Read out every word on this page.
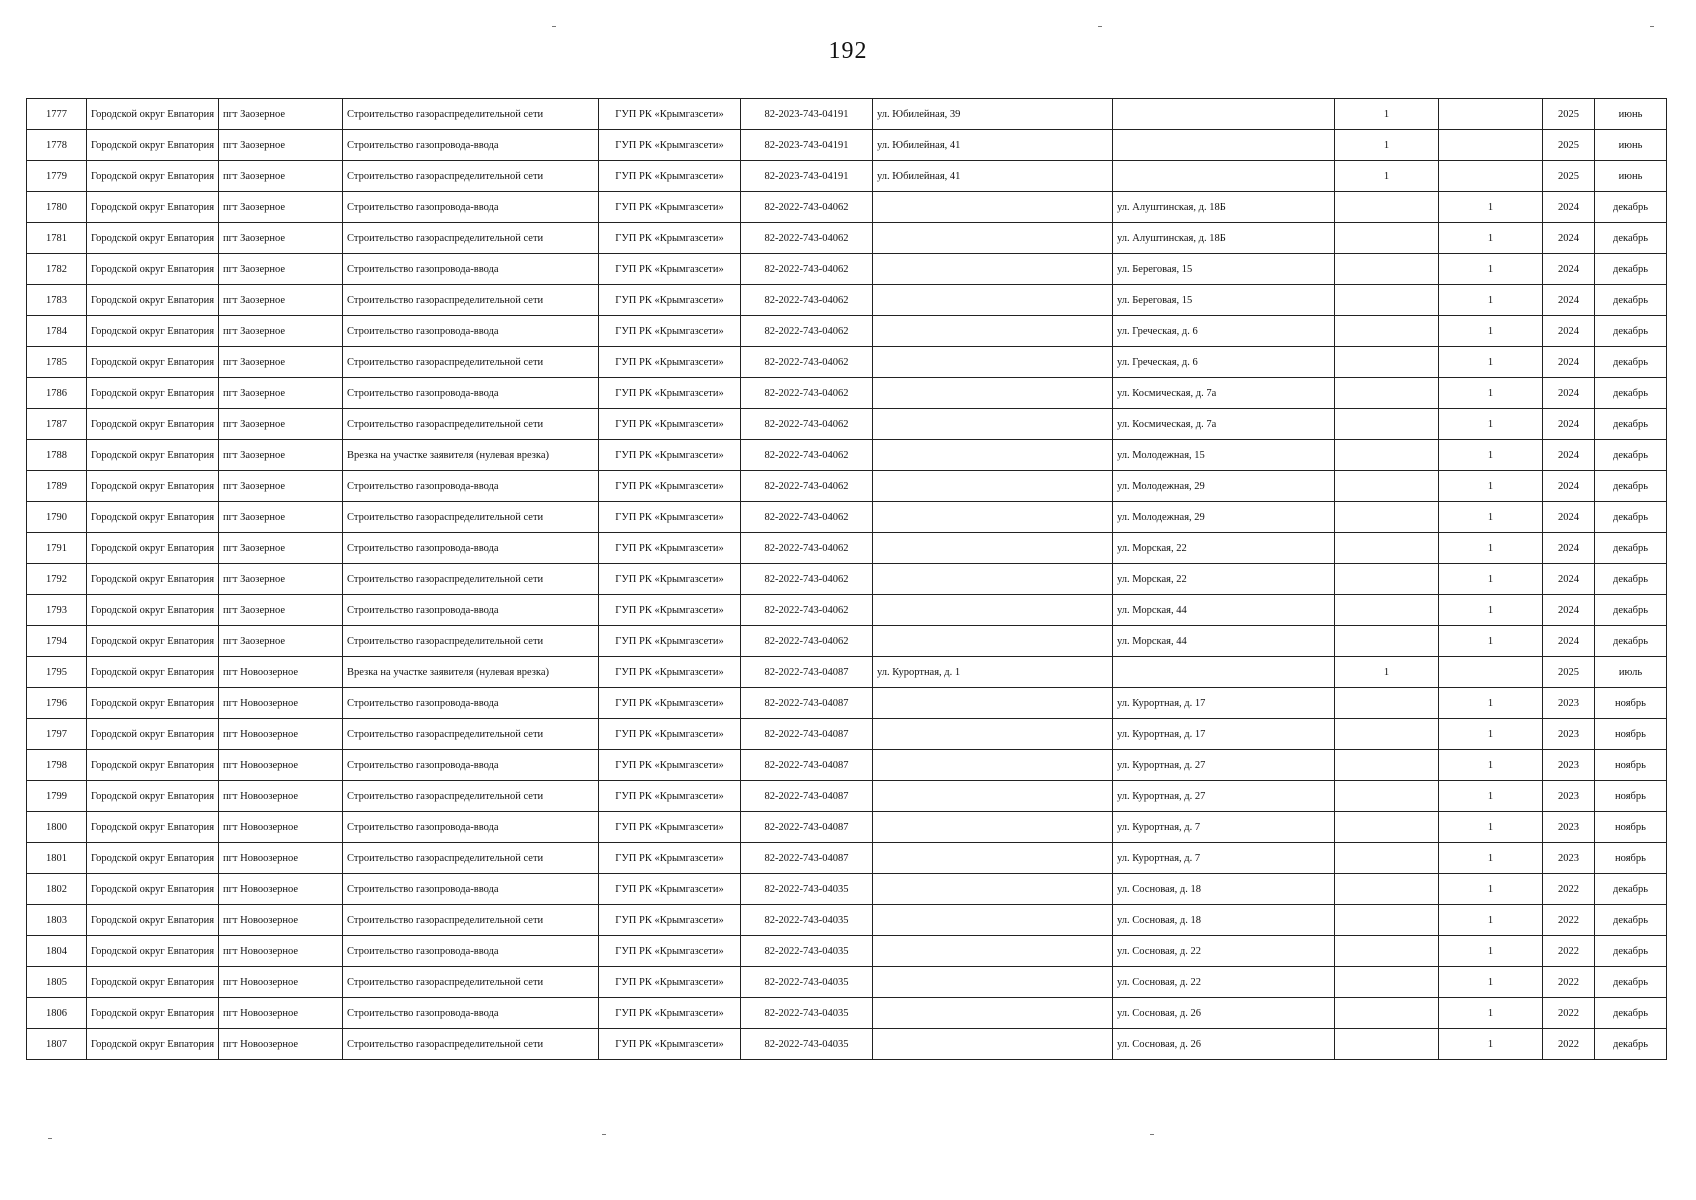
192
1777	Городской округ Евпатория	пгт Заозерное	Строительство газораспределительной сети	ГУП РК «Крымгазсети»	82-2023-743-04191	ул. Юбилейная, 39		1		2025	июнь
1778	Городской округ Евпатория	пгт Заозерное	Строительство газопровода-ввода	ГУП РК «Крымгазсети»	82-2023-743-04191	ул. Юбилейная, 41		1		2025	июнь
1779	Городской округ Евпатория	пгт Заозерное	Строительство газораспределительной сети	ГУП РК «Крымгазсети»	82-2023-743-04191	ул. Юбилейная, 41		1		2025	июнь
1780	Городской округ Евпатория	пгт Заозерное	Строительство газопровода-ввода	ГУП РК «Крымгазсети»	82-2022-743-04062		ул. Алуштинская, д. 18Б		1	2024	декабрь
1781	Городской округ Евпатория	пгт Заозерное	Строительство газораспределительной сети	ГУП РК «Крымгазсети»	82-2022-743-04062		ул. Алуштинская, д. 18Б		1	2024	декабрь
1782	Городской округ Евпатория	пгт Заозерное	Строительство газопровода-ввода	ГУП РК «Крымгазсети»	82-2022-743-04062		ул. Береговая, 15		1	2024	декабрь
1783	Городской округ Евпатория	пгт Заозерное	Строительство газораспределительной сети	ГУП РК «Крымгазсети»	82-2022-743-04062		ул. Береговая, 15		1	2024	декабрь
1784	Городской округ Евпатория	пгт Заозерное	Строительство газопровода-ввода	ГУП РК «Крымгазсети»	82-2022-743-04062		ул. Греческая, д. 6		1	2024	декабрь
1785	Городской округ Евпатория	пгт Заозерное	Строительство газораспределительной сети	ГУП РК «Крымгазсети»	82-2022-743-04062		ул. Греческая, д. 6		1	2024	декабрь
1786	Городской округ Евпатория	пгт Заозерное	Строительство газопровода-ввода	ГУП РК «Крымгазсети»	82-2022-743-04062		ул. Космическая, д. 7а		1	2024	декабрь
1787	Городской округ Евпатория	пгт Заозерное	Строительство газораспределительной сети	ГУП РК «Крымгазсети»	82-2022-743-04062		ул. Космическая, д. 7а		1	2024	декабрь
1788	Городской округ Евпатория	пгт Заозерное	Врезка на участке заявителя (нулевая врезка)	ГУП РК «Крымгазсети»	82-2022-743-04062		ул. Молодежная, 15		1	2024	декабрь
1789	Городской округ Евпатория	пгт Заозерное	Строительство газопровода-ввода	ГУП РК «Крымгазсети»	82-2022-743-04062		ул. Молодежная, 29		1	2024	декабрь
1790	Городской округ Евпатория	пгт Заозерное	Строительство газораспределительной сети	ГУП РК «Крымгазсети»	82-2022-743-04062		ул. Молодежная, 29		1	2024	декабрь
1791	Городской округ Евпатория	пгт Заозерное	Строительство газопровода-ввода	ГУП РК «Крымгазсети»	82-2022-743-04062		ул. Морская, 22		1	2024	декабрь
1792	Городской округ Евпатория	пгт Заозерное	Строительство газораспределительной сети	ГУП РК «Крымгазсети»	82-2022-743-04062		ул. Морская, 22		1	2024	декабрь
1793	Городской округ Евпатория	пгт Заозерное	Строительство газопровода-ввода	ГУП РК «Крымгазсети»	82-2022-743-04062		ул. Морская, 44		1	2024	декабрь
1794	Городской округ Евпатория	пгт Заозерное	Строительство газораспределительной сети	ГУП РК «Крымгазсети»	82-2022-743-04062		ул. Морская, 44		1	2024	декабрь
1795	Городской округ Евпатория	пгт Новоозерное	Врезка на участке заявителя (нулевая врезка)	ГУП РК «Крымгазсети»	82-2022-743-04087	ул. Курортная, д. 1		1		2025	июль
1796	Городской округ Евпатория	пгт Новоозерное	Строительство газопровода-ввода	ГУП РК «Крымгазсети»	82-2022-743-04087		ул. Курортная, д. 17		1	2023	ноябрь
1797	Городской округ Евпатория	пгт Новоозерное	Строительство газораспределительной сети	ГУП РК «Крымгазсети»	82-2022-743-04087		ул. Курортная, д. 17		1	2023	ноябрь
1798	Городской округ Евпатория	пгт Новоозерное	Строительство газопровода-ввода	ГУП РК «Крымгазсети»	82-2022-743-04087		ул. Курортная, д. 27		1	2023	ноябрь
1799	Городской округ Евпатория	пгт Новоозерное	Строительство газораспределительной сети	ГУП РК «Крымгазсети»	82-2022-743-04087		ул. Курортная, д. 27		1	2023	ноябрь
1800	Городской округ Евпатория	пгт Новоозерное	Строительство газопровода-ввода	ГУП РК «Крымгазсети»	82-2022-743-04087		ул. Курортная, д. 7		1	2023	ноябрь
1801	Городской округ Евпатория	пгт Новоозерное	Строительство газораспределительной сети	ГУП РК «Крымгазсети»	82-2022-743-04087		ул. Курортная, д. 7		1	2023	ноябрь
1802	Городской округ Евпатория	пгт Новоозерное	Строительство газопровода-ввода	ГУП РК «Крымгазсети»	82-2022-743-04035		ул. Сосновая, д. 18		1	2022	декабрь
1803	Городской округ Евпатория	пгт Новоозерное	Строительство газораспределительной сети	ГУП РК «Крымгазсети»	82-2022-743-04035		ул. Сосновая, д. 18		1	2022	декабрь
1804	Городской округ Евпатория	пгт Новоозерное	Строительство газопровода-ввода	ГУП РК «Крымгазсети»	82-2022-743-04035		ул. Сосновая, д. 22		1	2022	декабрь
1805	Городской округ Евпатория	пгт Новоозерное	Строительство газораспределительной сети	ГУП РК «Крымгазсети»	82-2022-743-04035		ул. Сосновая, д. 22		1	2022	декабрь
1806	Городской округ Евпатория	пгт Новоозерное	Строительство газопровода-ввода	ГУП РК «Крымгазсети»	82-2022-743-04035		ул. Сосновая, д. 26		1	2022	декабрь
1807	Городской округ Евпатория	пгт Новоозерное	Строительство газораспределительной сети	ГУП РК «Крымгазсети»	82-2022-743-04035		ул. Сосновая, д. 26		1	2022	декабрь
